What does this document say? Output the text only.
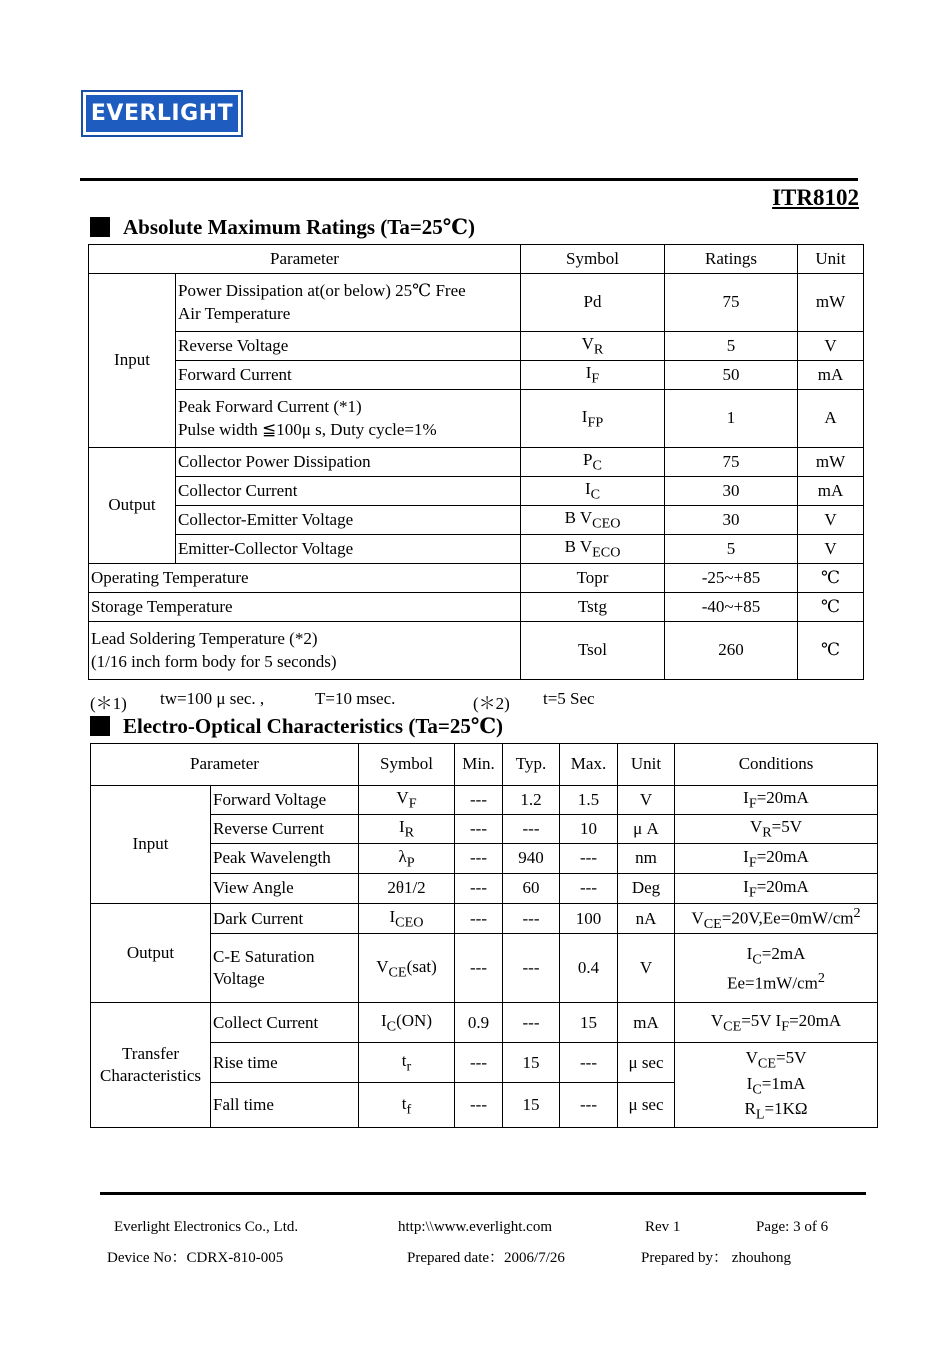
EVERLIGHT
ITR8102
Absolute Maximum Ratings (Ta=25℃)
Parameter		Symbol	Ratings	Unit
Input	Power Dissipation at(or below) 25℃ Free
Air Temperature	Pd	75	mW
	Reverse Voltage	$V_R$	5	V
	Forward Current	$I_F$	50	mA
	Peak Forward Current (*1)
Pulse width ≦100μ s, Duty cycle=1%	$I_{FP}$	1	A
Output	Collector Power Dissipation	$P_C$	75	mW
	Collector Current	$I_C$	30	mA
	Collector-Emitter Voltage	B $V_{CEO}$	30	V
	Emitter-Collector Voltage	B $V_{ECO}$	5	V
Operating Temperature		Topr	-25~+85	℃
Storage Temperature		Tstg	-40~+85	℃
Lead Soldering Temperature (*2)
(1/16 inch form body for 5 seconds)		Tsol	260	℃
(＊1) tw=100 μ sec. ,	T=10 msec.	(＊2) t=5 Sec
Electro-Optical Characteristics (Ta=25℃)
Parameter		Symbol	Min.	Typ.	Max.	Unit	Conditions
Input	Forward Voltage	$V_F$	---	1.2	1.5	V	$I_F=20mA$
	Reverse Current	$I_R$	---	---	10	μ A	$V_R=5V$
	Peak Wavelength	$\lambda_P$	---	940	---	nm	$I_F=20mA$
	View Angle	2θ1/2	---	60	---	Deg	$I_F=20mA$
Output	Dark Current	$I_{CEO}$	---	---	100	nA	$V_{CE}=20V,Ee=0mW/cm^2$
	C-E Saturation
Voltage	$V_{CE}(sat)$	---	---	0.4	V	$I_C=2mA$
$Ee=1mW/cm^2$
Transfer
Characteristics	Collect Current	$I_C(ON)$	0.9	---	15	mA	$V_{CE}=5V$ $I_F=20mA$
	Rise time	$t_r$	---	15	---	μ sec	$V_{CE}=5V$
$I_C=1mA$
$R_L=1K\Omega$
	Fall time	$t_f$	---	15	---	μ sec	
Everlight Electronics Co., Ltd.	http:\\www.everlight.com	Rev 1	Page: 3 of 6
Device No：CDRX-810-005	Prepared date：2006/7/26	Prepared by： zhouhong
